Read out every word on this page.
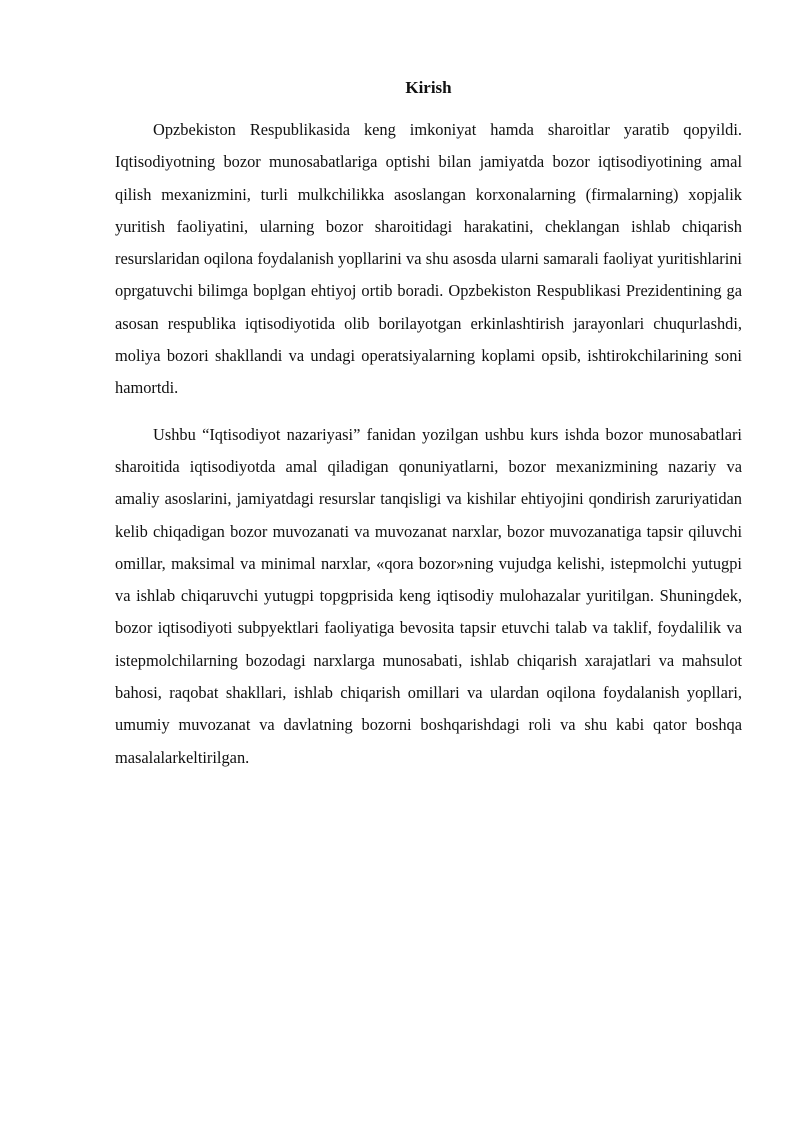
Kirish

Opzbekiston Respublikasida keng imkoniyat hamda sharoitlar yaratib qopyildi. Iqtisodiyotning bozor munosabatlariga optishi bilan jamiyatda bozor iqtisodiyotining amal qilish mexanizmini, turli mulkchilikka asoslangan korxonalarning (firmalarning) xopjalik yuritish faoliyatini, ularning bozor sharoitidagi harakatini, cheklangan ishlab chiqarish resurslaridan oqilona foydalanish yopllarini va shu asosda ularni samarali faoliyat yuritishlarini oprgatuvchi bilimga boplgan ehtiyoj ortib boradi. Opzbekiston Respublikasi Prezidentining ga asosan respublika iqtisodiyotida olib borilayotgan erkinlashtirish jarayonlari chuqurlashdi, moliya bozori shakllandi va undagi operatsiyalarning koplami opsib, ishtirokchilarining soni hamortdi.

Ushbu “Iqtisodiyot nazariyasi” fanidan yozilgan ushbu kurs ishda bozor munosabatlari sharoitida iqtisodiyotda amal qiladigan qonuniyatlarni, bozor mexanizmining nazariy va amaliy asoslarini, jamiyatdagi resurslar tanqisligi va kishilar ehtiyojini qondirish zaruriyatidan kelib chiqadigan bozor muvozanati va muvozanat narxlar, bozor muvozanatiga tapsir qiluvchi omillar, maksimal va minimal narxlar, «qora bozor»ning vujudga kelishi, istepmolchi yutugpi va ishlab chiqaruvchi yutugpi topgprisida keng iqtisodiy mulohazalar yuritilgan. Shuningdek, bozor iqtisodiyoti subpyektlari faoliyatiga bevosita tapsir etuvchi talab va taklif, foydalilik va istepmolchilarning bozodagi narxlarga munosabati, ishlab chiqarish xarajatlari va mahsulot bahosi, raqobat shakllari, ishlab chiqarish omillari va ulardan oqilona foydalanish yopllari, umumiy muvozanat va davlatning bozorni boshqarishdagi roli va shu kabi qator boshqa masalalarkeltirilgan.
